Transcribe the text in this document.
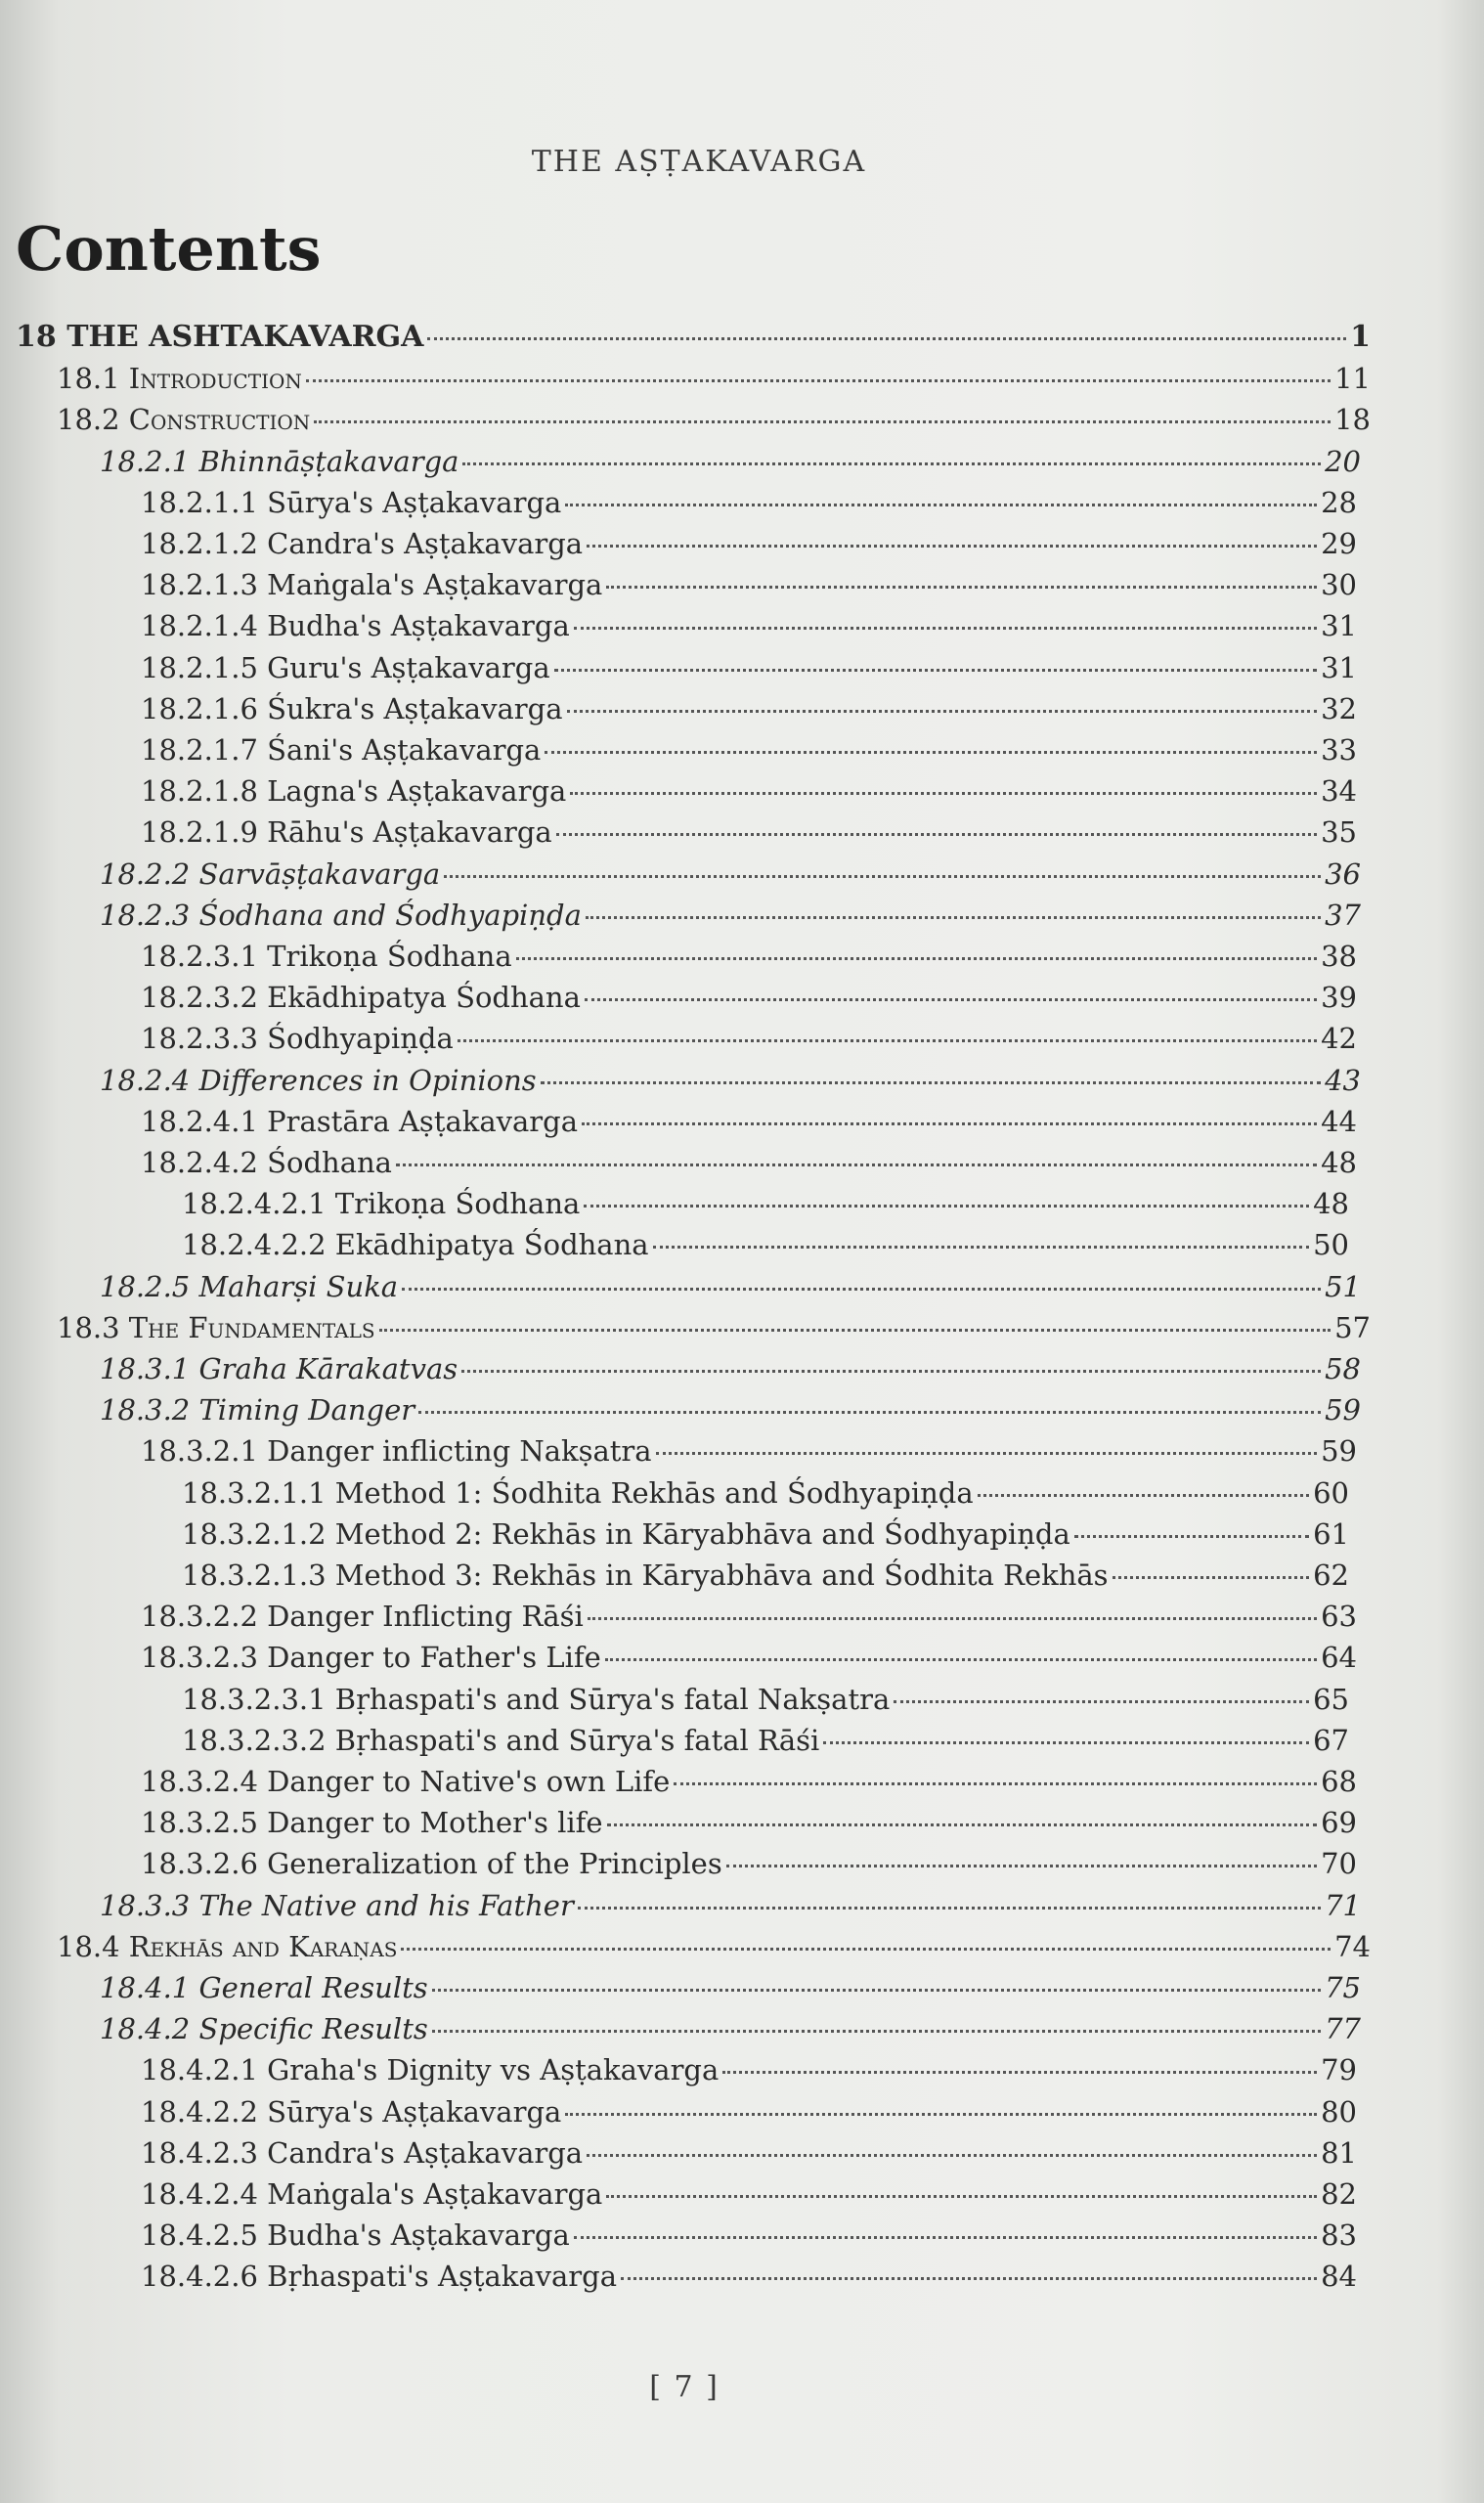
THE AṢṬAKAVARGA
Contents
18 THE ASHTAKAVARGA	1
18.1 Introduction	11
18.2 Construction	18
18.2.1 Bhinnāṣṭakavarga	20
18.2.1.1 Sūrya's Aṣṭakavarga	28
18.2.1.2 Candra's Aṣṭakavarga	29
18.2.1.3 Maṅgala's Aṣṭakavarga	30
18.2.1.4 Budha's Aṣṭakavarga	31
18.2.1.5 Guru's Aṣṭakavarga	31
18.2.1.6 Śukra's Aṣṭakavarga	32
18.2.1.7 Śani's Aṣṭakavarga	33
18.2.1.8 Lagna's Aṣṭakavarga	34
18.2.1.9 Rāhu's Aṣṭakavarga	35
18.2.2 Sarvāṣṭakavarga	36
18.2.3 Śodhana and Śodhyapiṇḍa	37
18.2.3.1 Trikoṇa Śodhana	38
18.2.3.2 Ekādhipatya Śodhana	39
18.2.3.3 Śodhyapiṇḍa	42
18.2.4 Differences in Opinions	43
18.2.4.1 Prastāra Aṣṭakavarga	44
18.2.4.2 Śodhana	48
18.2.4.2.1 Trikoṇa Śodhana	48
18.2.4.2.2 Ekādhipatya Śodhana	50
18.2.5 Maharṣi Suka	51
18.3 The Fundamentals	57
18.3.1 Graha Kārakatvas	58
18.3.2 Timing Danger	59
18.3.2.1 Danger inflicting Nakṣatra	59
18.3.2.1.1 Method 1: Śodhita Rekhās and Śodhyapiṇḍa	60
18.3.2.1.2 Method 2: Rekhās in Kāryabhāva and Śodhyapiṇḍa	61
18.3.2.1.3 Method 3: Rekhās in Kāryabhāva and Śodhita Rekhās	62
18.3.2.2 Danger Inflicting Rāśi	63
18.3.2.3 Danger to Father's Life	64
18.3.2.3.1 Bṛhaspati's and Sūrya's fatal Nakṣatra	65
18.3.2.3.2 Bṛhaspati's and Sūrya's fatal Rāśi	67
18.3.2.4 Danger to Native's own Life	68
18.3.2.5 Danger to Mother's life	69
18.3.2.6 Generalization of the Principles	70
18.3.3 The Native and his Father	71
18.4 Rekhās and Karaṇas	74
18.4.1 General Results	75
18.4.2 Specific Results	77
18.4.2.1 Graha's Dignity vs Aṣṭakavarga	79
18.4.2.2 Sūrya's Aṣṭakavarga	80
18.4.2.3 Candra's Aṣṭakavarga	81
18.4.2.4 Maṅgala's Aṣṭakavarga	82
18.4.2.5 Budha's Aṣṭakavarga	83
18.4.2.6 Bṛhaspati's Aṣṭakavarga	84
[ 7 ]
